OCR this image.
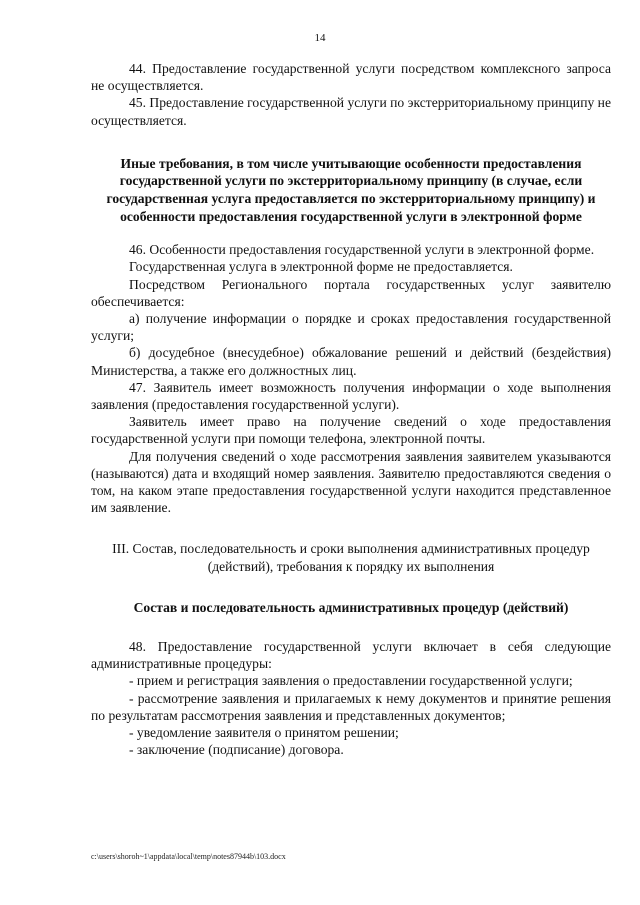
14

44. Предоставление государственной услуги посредством комплексного запроса не осуществляется.

45. Предоставление государственной услуги по экстерриториальному принципу не осуществляется.

Иные требования, в том числе учитывающие особенности предоставления государственной услуги по экстерриториальному принципу (в случае, если государственная услуга предоставляется по экстерриториальному принципу) и особенности предоставления государственной услуги в электронной форме

46. Особенности предоставления государственной услуги в электронной форме.

Государственная услуга в электронной форме не предоставляется.

Посредством Регионального портала государственных услуг заявителю обеспечивается:

а) получение информации о порядке и сроках предоставления государственной услуги;

б) досудебное (внесудебное) обжалование решений и действий (бездействия) Министерства, а также его должностных лиц.

47. Заявитель имеет возможность получения информации о ходе выполнения заявления (предоставления государственной услуги).

Заявитель имеет право на получение сведений о ходе предоставления государственной услуги при помощи телефона, электронной почты.

Для получения сведений о ходе рассмотрения заявления заявителем указываются (называются) дата и входящий номер заявления. Заявителю предоставляются сведения о том, на каком этапе предоставления государственной услуги находится представленное им заявление.

III. Состав, последовательность и сроки выполнения административных процедур (действий), требования к порядку их выполнения

Состав и последовательность административных процедур (действий)

48. Предоставление государственной услуги включает в себя следующие административные процедуры:

- прием и регистрация заявления о предоставлении государственной услуги;

- рассмотрение заявления и прилагаемых к нему документов и принятие решения по результатам рассмотрения заявления и представленных документов;

- уведомление заявителя о принятом решении;

- заключение (подписание) договора.

c:\users\shoroh~1\appdata\local\temp\notes87944b\103.docx
